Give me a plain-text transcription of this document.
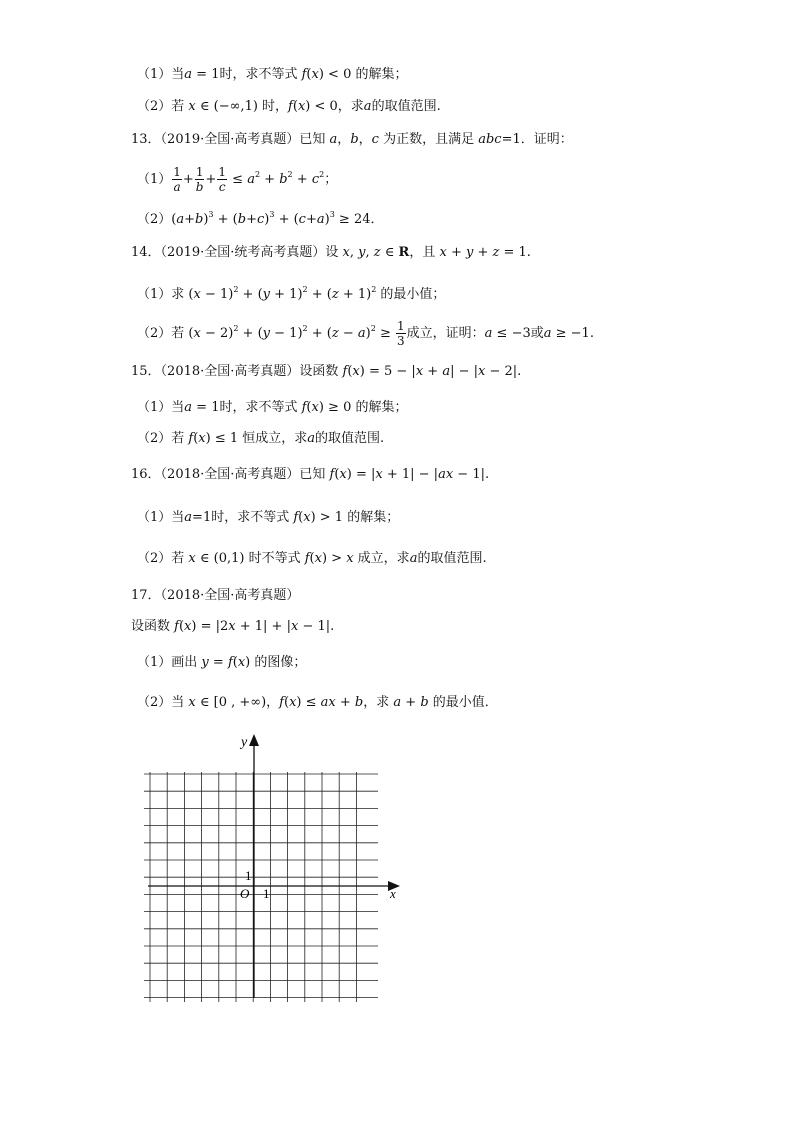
（1）当a = 1时，求不等式 f(x) < 0 的解集；
（2）若 x ∈ (−∞,1) 时，f(x) < 0，求a的取值范围.
13．（2019·全国·高考真题）已知 a，b，c 为正数，且满足 abc=1．证明：
$(1) \frac{1}{a} + \frac{1}{b} + \frac{1}{c} \le a^2 + b^2 + c^2$；
$(2)(a+b)^3 + (b+c)^3 + (c+a)^3 \ge 24$．
14．（2019·全国·统考高考真题）设 x, y, z ∈ R，且 x + y + z = 1.
（1）求 $(x - 1)^2 + (y + 1)^2 + (z + 1)^2$ 的最小值；
（2）若 $(x - 2)^2 + (y - 1)^2 + (z - a)^2 \ge \frac{1}{3}$ 成立，证明：a ≤ −3或a ≥ −1.
15．（2018·全国·高考真题）设函数 f(x) = 5 − |x + a| − |x − 2|.
（1）当a = 1时，求不等式 f(x) ≥ 0 的解集；
（2）若 f(x) ≤ 1 恒成立，求a的取值范围.
16．（2018·全国·高考真题）已知 f(x) = |x + 1| − |ax − 1|.
（1）当a=1时，求不等式 f(x) > 1 的解集；
（2）若 x ∈ (0,1) 时不等式 f(x) > x 成立，求a的取值范围.
17．（2018·全国·高考真题）
设函数 f(x) = |2x + 1| + |x − 1|.
（1）画出 y = f(x) 的图像；
（2）当 x ∈ [0 , +∞)，f(x) ≤ ax + b，求 a + b 的最小值．
y
x
O 1
1
